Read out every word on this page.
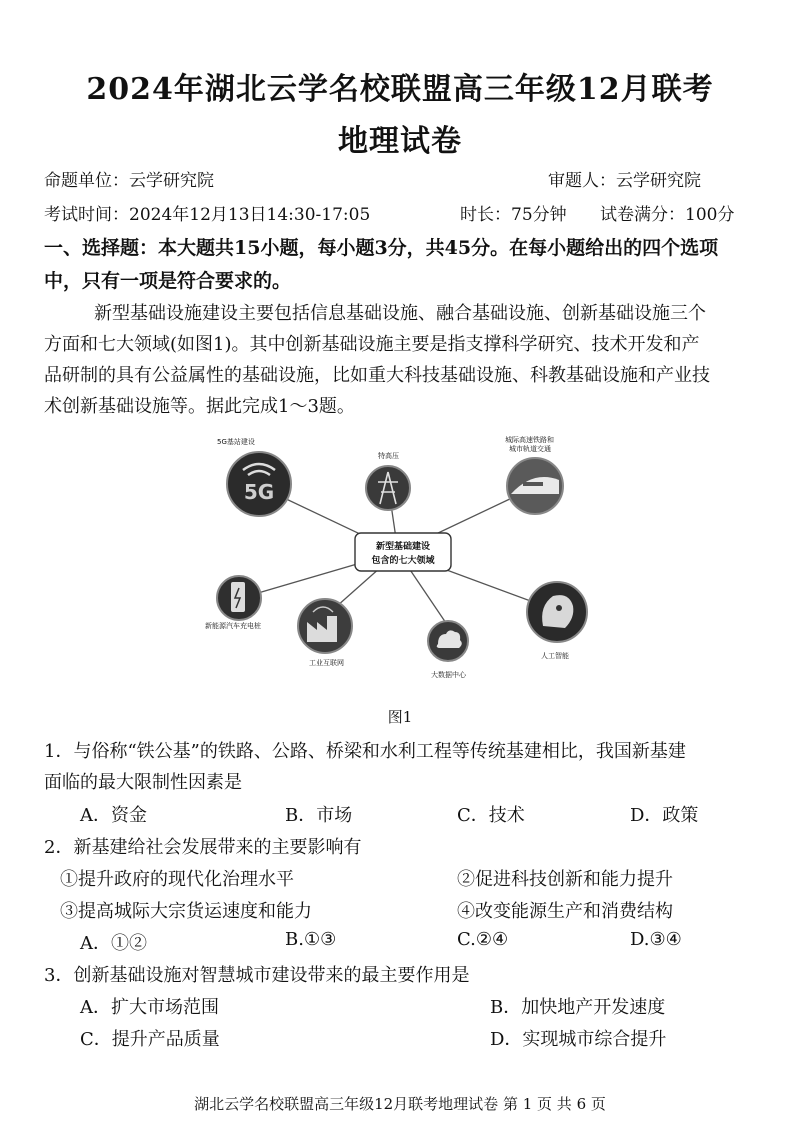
2024年湖北云学名校联盟高三年级12月联考
地理试卷
命题单位：云学研究院	审题人：云学研究院
考试时间：2024年12月13日14:30-17:05	时长：75分钟 试卷满分：100分
一、选择题：本大题共15小题，每小题3分，共45分。在每小题给出的四个选项
中，只有一项是符合要求的。
新型基础设施建设主要包括信息基础设施、融合基础设施、创新基础设施三个
方面和七大领域(如图1)。其中创新基础设施主要是指支撑科学研究、技术开发和产
品研制的具有公益属性的基础设施，比如重大科技基础设施、科教基础设施和产业技
术创新基础设施等。据此完成1～3题。
新型基础建设
包含的七大领域
5G基站建设
5G
特高压
城际高速铁路和
城市轨道交通
新能源汽车充电桩
工业互联网
大数据中心
人工智能
图1
1．与俗称“铁公基”的铁路、公路、桥梁和水利工程等传统基建相比，我国新基建
面临的最大限制性因素是
A．资金	B．市场	C．技术	D．政策
2．新基建给社会发展带来的主要影响有
①提升政府的现代化治理水平	②促进科技创新和能力提升
③提高城际大宗货运速度和能力	④改变能源生产和消费结构
A．①②	B.①③	C.②④	D.③④
3．创新基础设施对智慧城市建设带来的最主要作用是
A．扩大市场范围	B．加快地产开发速度
C．提升产品质量	D．实现城市综合提升
湖北云学名校联盟高三年级12月联考地理试卷 第 1 页 共 6 页
